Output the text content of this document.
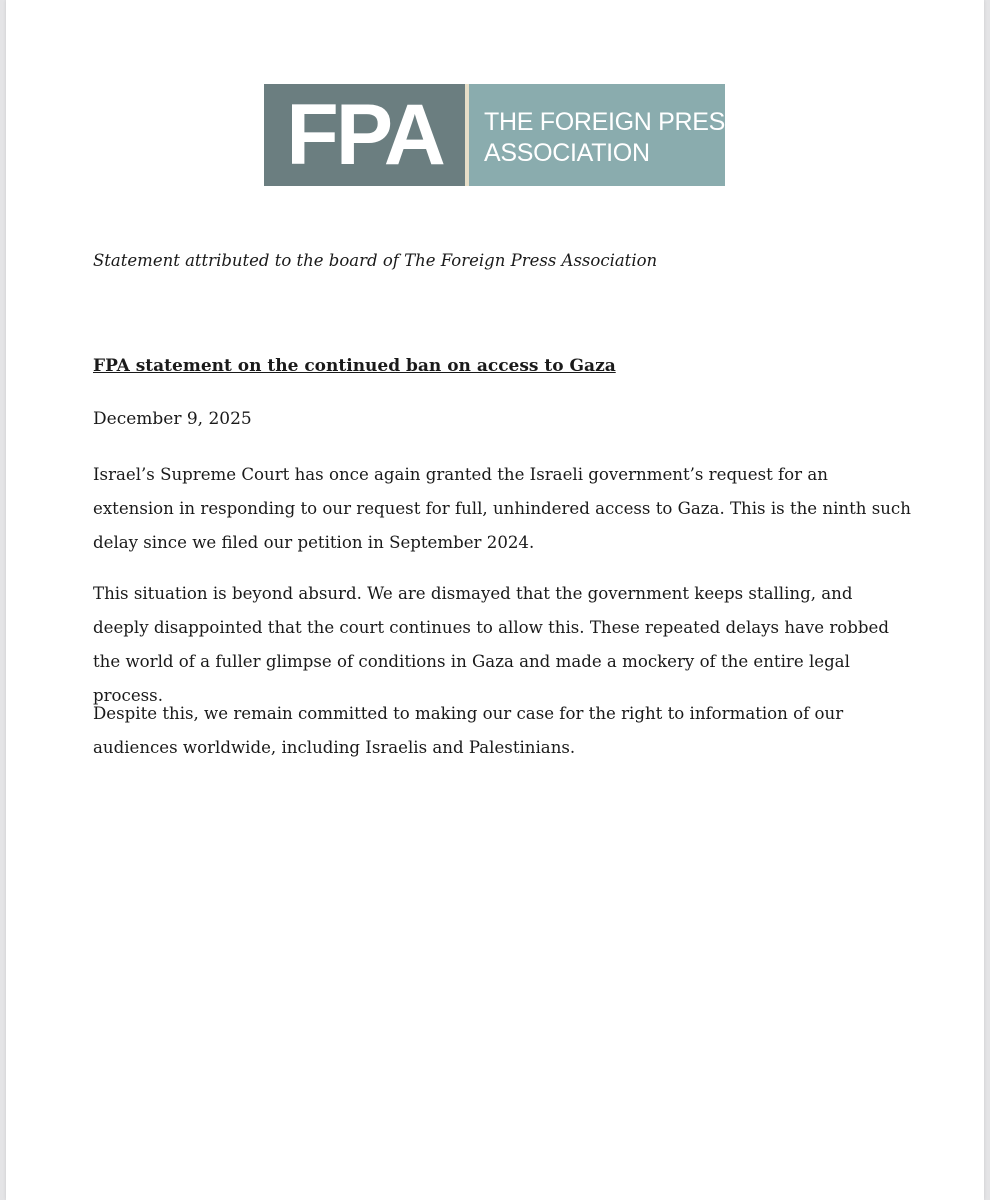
FPA	THE FOREIGN PRESS
ASSOCIATION

Statement attributed to the board of The Foreign Press Association

FPA statement on the continued ban on access to Gaza

December 9, 2025

Israel’s Supreme Court has once again granted the Israeli government’s request for an extension in responding to our request for full, unhindered access to Gaza. This is the ninth such delay since we filed our petition in September 2024.

This situation is beyond absurd. We are dismayed that the government keeps stalling, and deeply disappointed that the court continues to allow this. These repeated delays have robbed the world of a fuller glimpse of conditions in Gaza and made a mockery of the entire legal process.

Despite this, we remain committed to making our case for the right to information of our audiences worldwide, including Israelis and Palestinians.
